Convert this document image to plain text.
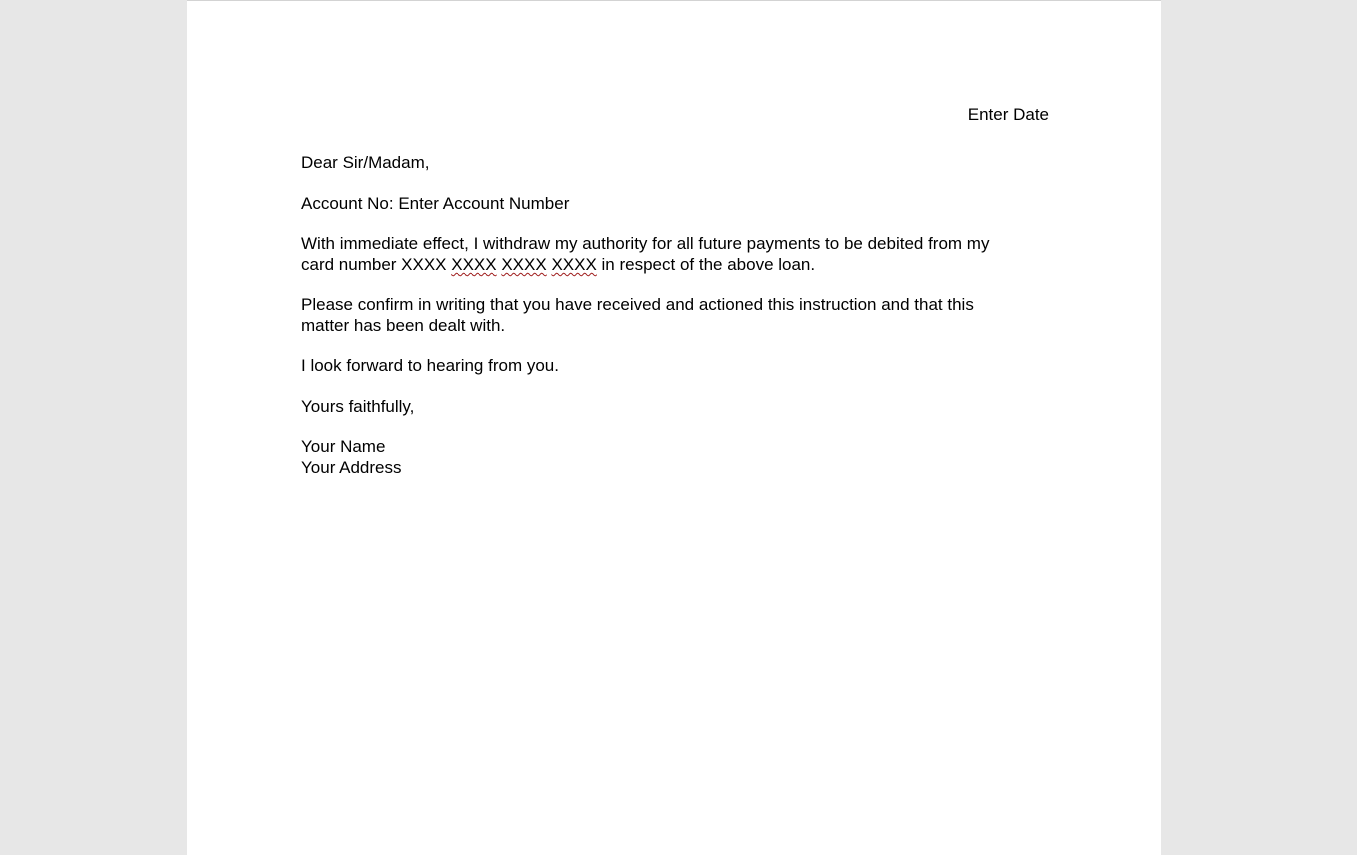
Enter Date

Dear Sir/Madam,

Account No: Enter Account Number

With immediate effect, I withdraw my authority for all future payments to be debited from my card number XXXX XXXX XXXX XXXX in respect of the above loan.

Please confirm in writing that you have received and actioned this instruction and that this matter has been dealt with.

I look forward to hearing from you.

Yours faithfully,

Your Name
Your Address
